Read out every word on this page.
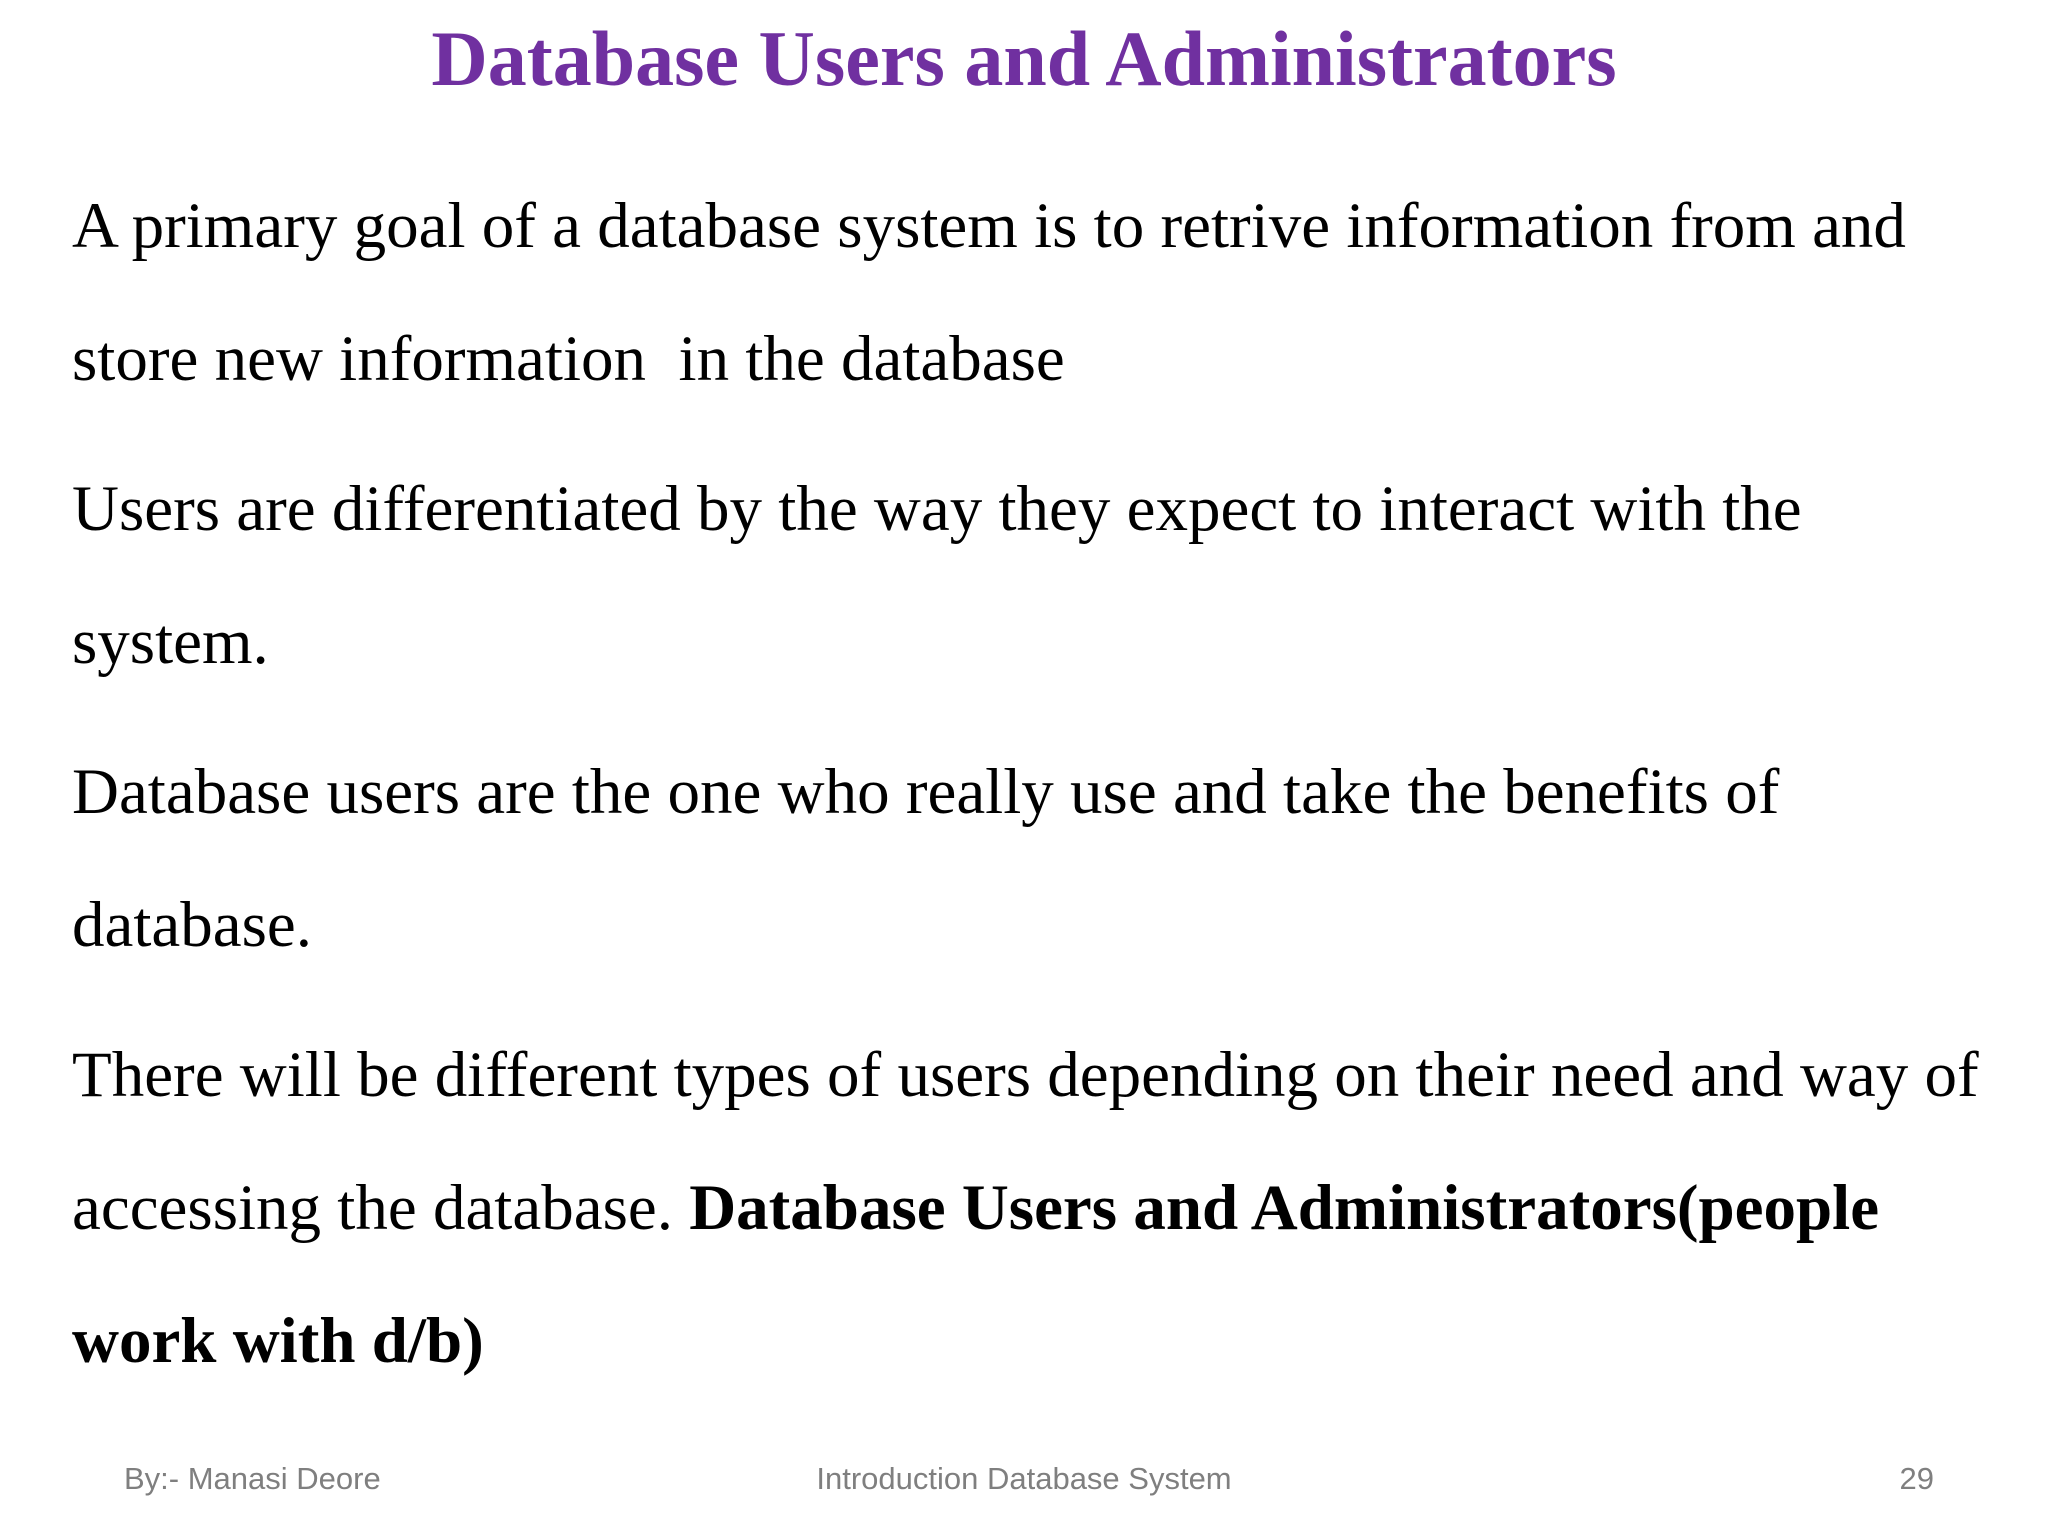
Database Users and Administrators

A primary goal of a database system is to retrive information from and store new information  in the database

Users are differentiated by the way they expect to interact with the system.

Database users are the one who really use and take the benefits of database.

There will be different types of users depending on their need and way of accessing the database. Database Users and Administrators(people work with d/b)

By:- Manasi Deore	Introduction Database System	29
